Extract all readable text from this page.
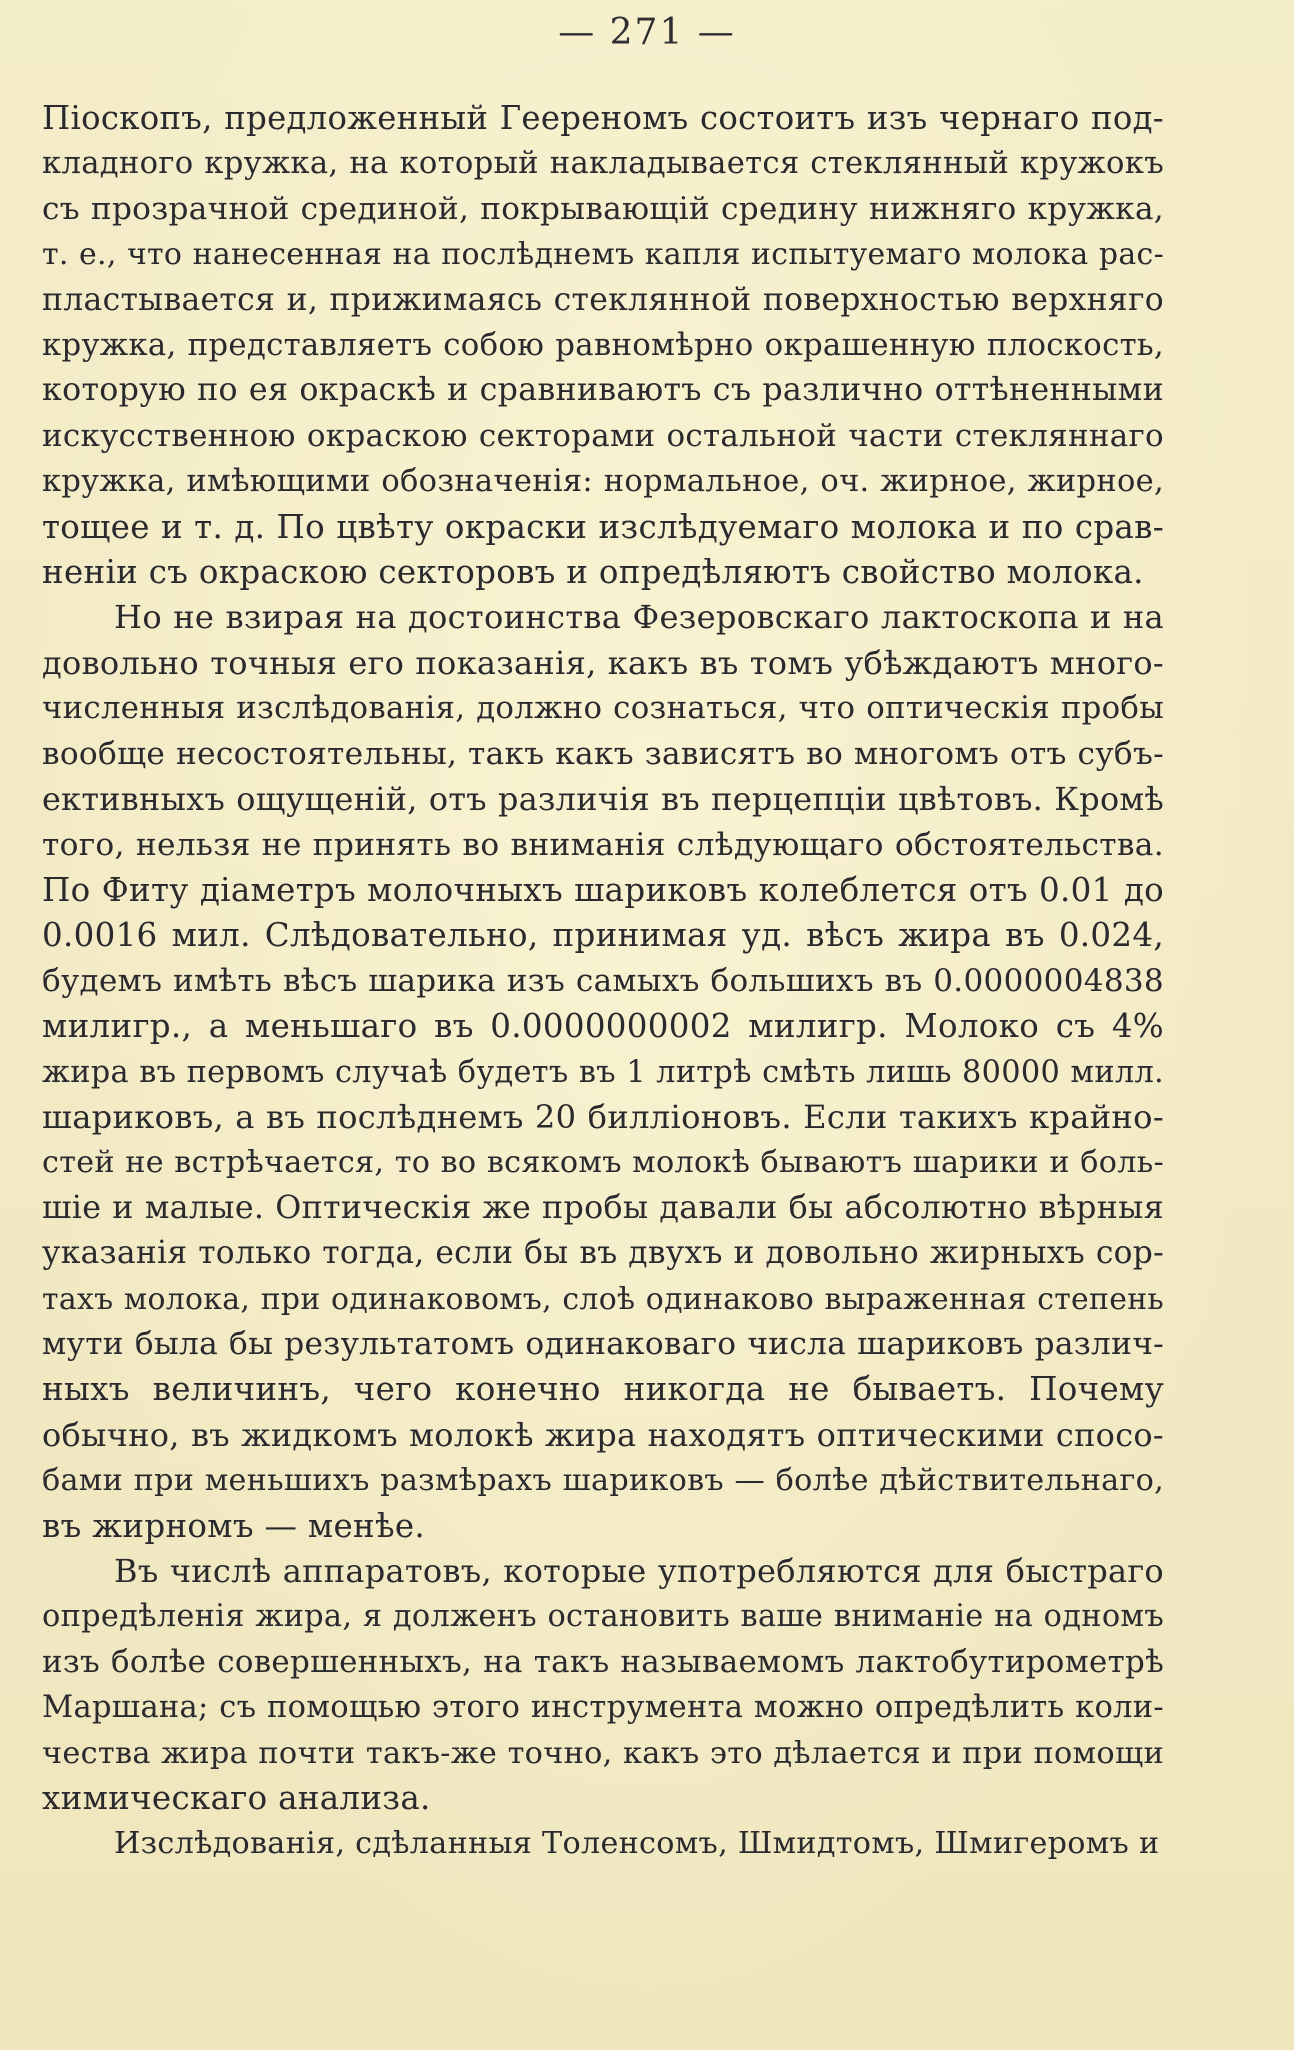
— 271 —
Піоскопъ, предложенный Геереномъ состоитъ изъ чернаго под-
кладного кружка, на который накладывается стеклянный кружокъ
съ прозрачной срединой, покрывающій средину нижняго кружка,
т. е., что нанесенная на послѣднемъ капля испытуемаго молока рас-
пластывается и, прижимаясь стеклянной поверхностью верхняго
кружка, представляетъ собою равномѣрно окрашенную плоскость,
которую по ея окраскѣ и сравниваютъ съ различно оттѣненными
искусственною окраскою секторами остальной части стекляннаго
кружка, имѣющими обозначенія: нормальное, оч. жирное, жирное,
тощее и т. д. По цвѣту окраски изслѣдуемаго молока и по срав-
неніи съ окраскою секторовъ и опредѣляютъ свойство молока.
Но не взирая на достоинства Фезеровскаго лактоскопа и на
довольно точныя его показанія, какъ въ томъ убѣждаютъ много-
численныя изслѣдованія, должно сознаться, что оптическія пробы
вообще несостоятельны, такъ какъ зависятъ во многомъ отъ субъ-
ективныхъ ощущеній, отъ различія въ перцепціи цвѣтовъ. Кромѣ
того, нельзя не принять во вниманія слѣдующаго обстоятельства.
По Фиту діаметръ молочныхъ шариковъ колеблется отъ 0.01 до
0.0016 мил. Слѣдовательно, принимая уд. вѣсъ жира въ 0.024,
будемъ имѣть вѣсъ шарика изъ самыхъ большихъ въ 0.0000004838
милигр., а меньшаго въ 0.0000000002 милигр. Молоко съ 4%
жира въ первомъ случаѣ будетъ въ 1 литрѣ смѣть лишь 80000 милл.
шариковъ, а въ послѣднемъ 20 билліоновъ. Если такихъ крайно-
стей не встрѣчается, то во всякомъ молокѣ бываютъ шарики и боль-
шіе и малые. Оптическія же пробы давали бы абсолютно вѣрныя
указанія только тогда, если бы въ двухъ и довольно жирныхъ сор-
тахъ молока, при одинаковомъ, слоѣ одинаково выраженная степень
мути была бы результатомъ одинаковаго числа шариковъ различ-
ныхъ величинъ, чего конечно никогда не бываетъ. Почему
обычно, въ жидкомъ молокѣ жира находятъ оптическими спосо-
бами при меньшихъ размѣрахъ шариковъ — болѣе дѣйствительнаго,
въ жирномъ — менѣе.
Въ числѣ аппаратовъ, которые употребляются для быстраго
опредѣленія жира, я долженъ остановить ваше вниманіе на одномъ
изъ болѣе совершенныхъ, на такъ называемомъ лактобутирометрѣ
Маршана; съ помощью этого инструмента можно опредѣлить коли-
чества жира почти такъ-же точно, какъ это дѣлается и при помощи
химическаго анализа.
Изслѣдованія, сдѣланныя Толенсомъ, Шмидтомъ, Шмигеромъ и
